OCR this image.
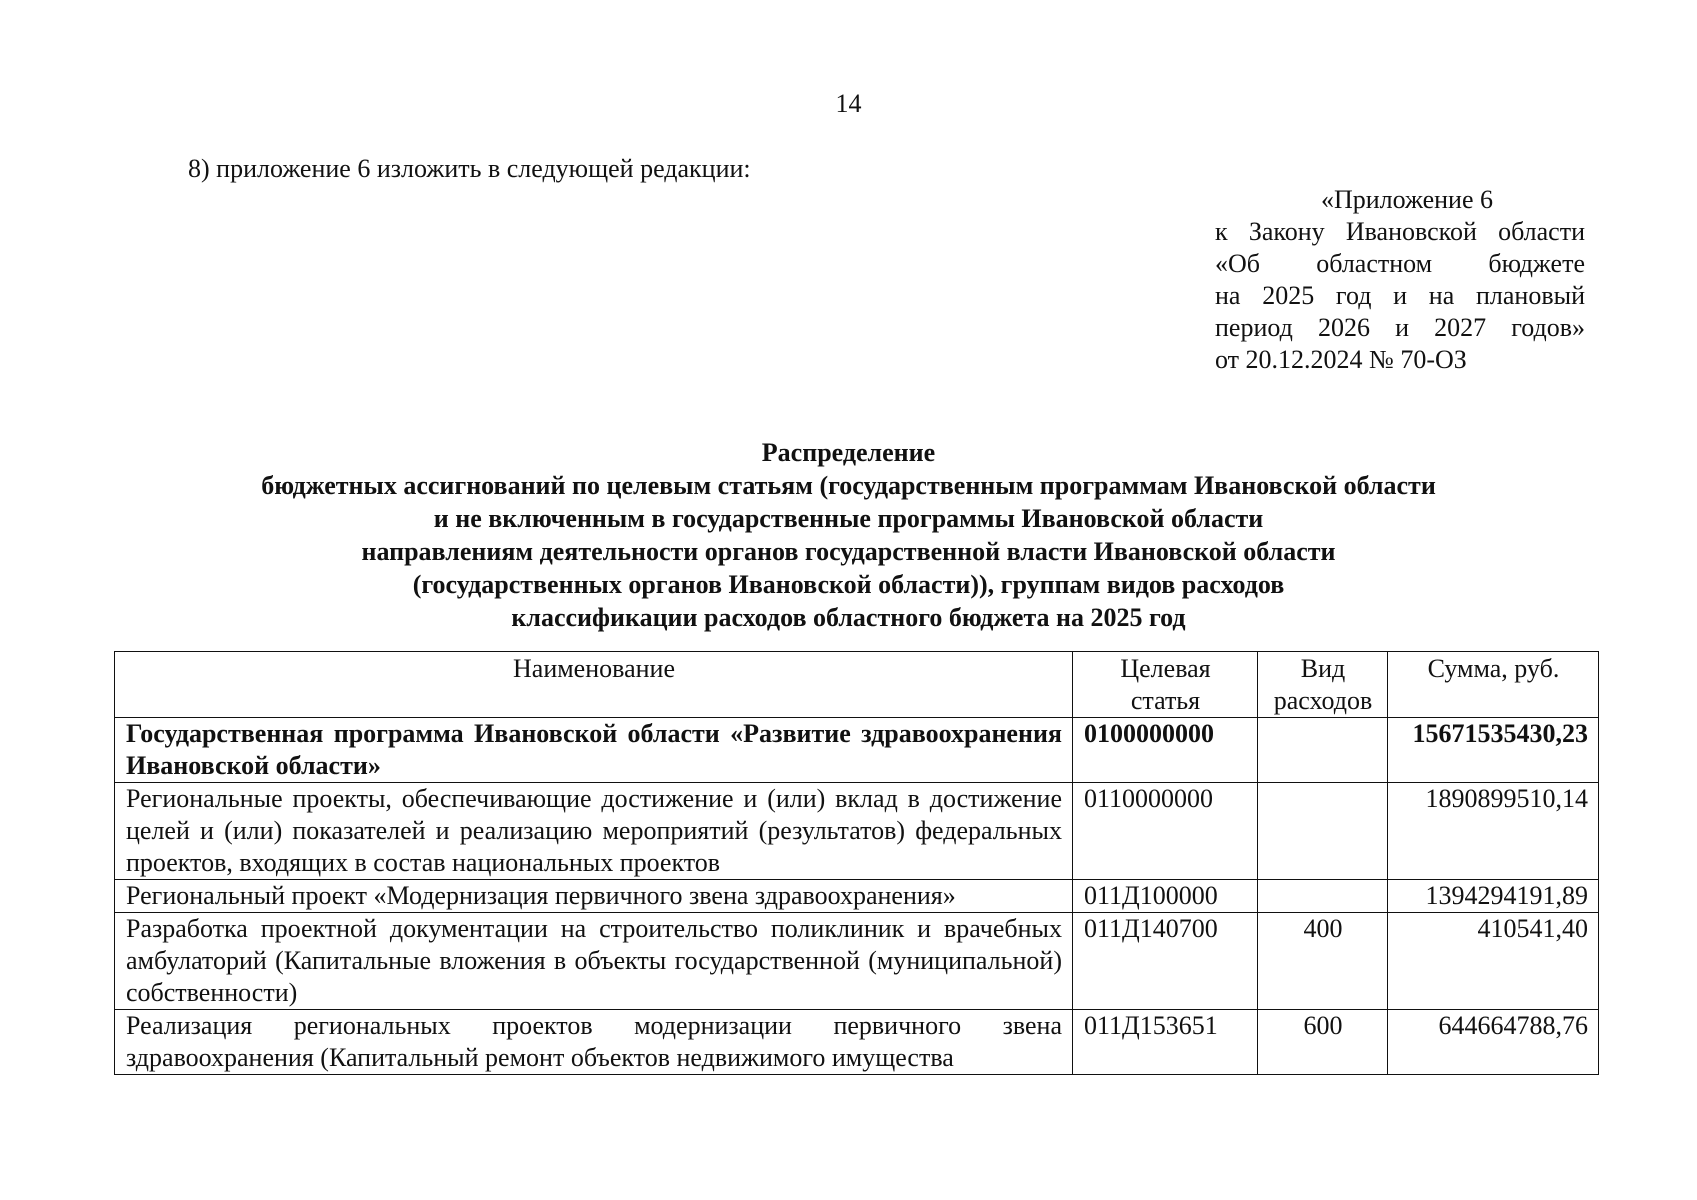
14
8) приложение 6 изложить в следующей редакции:
«Приложение 6
к Закону Ивановской области
«Об областном бюджете
на 2025 год и на плановый
период 2026 и 2027 годов»
от 20.12.2024 № 70-ОЗ
Распределение
бюджетных ассигнований по целевым статьям (государственным программам Ивановской области
и не включенным в государственные программы Ивановской области
направлениям деятельности органов государственной власти Ивановской области
(государственных органов Ивановской области)), группам видов расходов
классификации расходов областного бюджета на 2025 год
Наименование	Целевая статья	Вид расходов	Сумма, руб.
Государственная программа Ивановской области «Развитие здравоохранения Ивановской области»	0100000000		15671535430,23
Региональные проекты, обеспечивающие достижение и (или) вклад в достижение целей и (или) показателей и реализацию мероприятий (результатов) федеральных проектов, входящих в состав национальных проектов	0110000000		1890899510,14
Региональный проект «Модернизация первичного звена здравоохранения»	011Д100000		1394294191,89
Разработка проектной документации на строительство поликлиник и врачебных амбулаторий (Капитальные вложения в объекты государственной (муниципальной) собственности)	011Д140700	400	410541,40

Реализация региональных проектов модернизации первичного звена здравоохранения (Капитальный ремонт объектов недвижимого имущества	011Д153651	600	644664788,76
